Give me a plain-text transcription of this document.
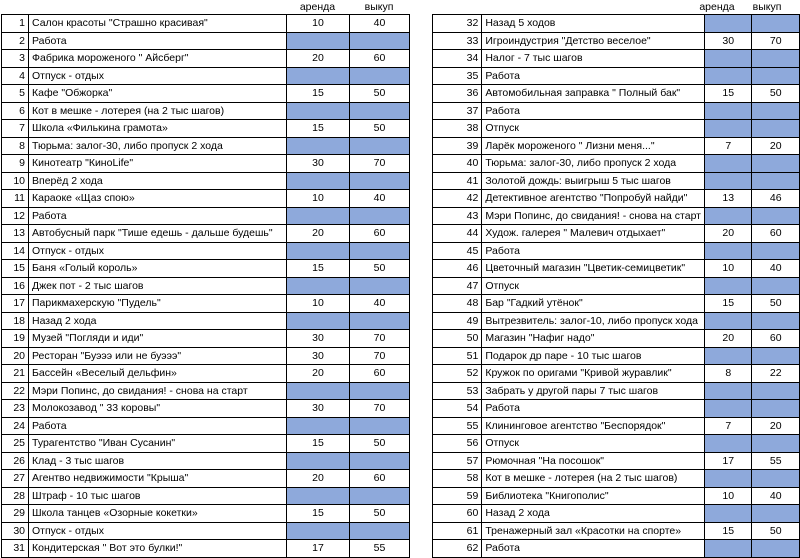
аренда	выкуп	аренда	выкуп
1	Салон красоты "Страшно красивая"	10	40
2	Работа		
3	Фабрика мороженого " Айсберг"	20	60
4	Отпуск - отдых		
5	Кафе "Обжорка"	15	50
6	Кот в мешке - лотерея (на 2 тыс шагов)		
7	Школа «Филькина грамота»	15	50
8	Тюрьма: залог-30, либо пропуск 2 хода		
9	Кинотеатр "КиноLife"	30	70
10	Вперёд 2 хода		
11	Караоке «Щаз спою»	10	40
12	Работа		
13	Автобусный парк "Тише едешь - дальше будешь"	20	60
14	Отпуск - отдых		
15	Баня «Голый король»	15	50
16	Джек пот - 2 тыс шагов		
17	Парикмахерскую "Пудель"	10	40
18	Назад 2 хода		
19	Музей "Погляди и иди"	30	70
20	Ресторан "Буэээ или не буэээ"	30	70
21	Бассейн «Веселый дельфин»	20	60
22	Мэри Попинс, до свидания! - снова на старт		
23	Молокозавод " 33 коровы"	30	70
24	Работа		
25	Турагентство "Иван Сусанин"	15	50
26	Клад - 3 тыс шагов		
27	Агентво недвижимости "Крыша"	20	60
28	Штраф - 10 тыс шагов		
29	Школа танцев «Озорные кокетки»	15	50
30	Отпуск - отдых		
31	Кондитерская " Вот это булки!"	17	55
32	Назад 5 ходов		
33	Игроиндустрия "Детство веселое"	30	70
34	Налог - 7 тыс шагов		
35	Работа		
36	Автомобильная заправка " Полный бак"	15	50
37	Работа		
38	Отпуск		
39	Ларёк мороженого " Лизни меня..."	7	20
40	Тюрьма: залог-30, либо пропуск 2 хода		
41	Золотой дождь: выигрыш 5 тыс шагов		
42	Детективное агентство "Попробуй найди"	13	46
43	Мэри Попинс, до свидания! - снова на старт		
44	Худож. галерея " Малевич отдыхает"	20	60
45	Работа		
46	Цветочный магазин "Цветик-семицветик"	10	40
47	Отпуск		
48	Бар "Гадкий утёнок"	15	50
49	Вытрезвитель: залог-10, либо пропуск хода		
50	Магазин "Нафиг надо"	20	60
51	Подарок др паре - 10 тыс шагов		
52	Кружок по оригами "Кривой журавлик"	8	22
53	Забрать у другой пары 7 тыс шагов		
54	Работа		
55	Клининговое агентство "Беспорядок"	7	20
56	Отпуск		
57	Рюмочная "На посошок"	17	55
58	Кот в мешке - лотерея (на 2 тыс шагов)		
59	Библиотека "Книгополис"	10	40
60	Назад 2 хода		
61	Тренажерный зал «Красотки на спорте»	15	50
62	Работа		
